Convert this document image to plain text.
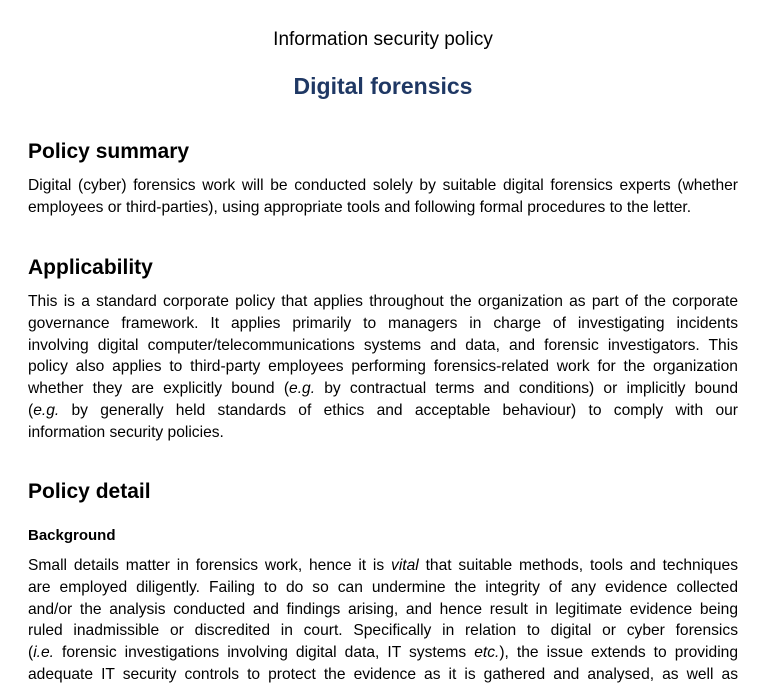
Information security policy
Digital forensics
Policy summary

Digital (cyber) forensics work will be conducted solely by suitable digital forensics experts (whether
employees or third-parties), using appropriate tools and following formal procedures to the letter.

Applicability

This is a standard corporate policy that applies throughout the organization as part of the corporate
governance framework. It applies primarily to managers in charge of investigating incidents
involving digital computer/telecommunications systems and data, and forensic investigators. This
policy also applies to third-party employees performing forensics-related work for the organization
whether they are explicitly bound (e.g. by contractual terms and conditions) or implicitly bound
(e.g. by generally held standards of ethics and acceptable behaviour) to comply with our
information security policies.

Policy detail
Background

Small details matter in forensics work, hence it is vital that suitable methods, tools and techniques
are employed diligently. Failing to do so can undermine the integrity of any evidence collected
and/or the analysis conducted and findings arising, and hence result in legitimate evidence being
ruled inadmissible or discredited in court. Specifically in relation to digital or cyber forensics
(i.e. forensic investigations involving digital data, IT systems etc.), the issue extends to providing
adequate IT security controls to protect the evidence as it is gathered and analysed, as well as
